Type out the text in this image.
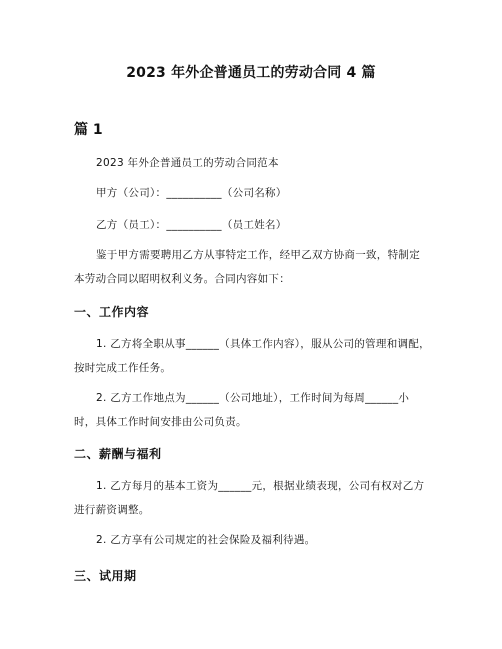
2023 年外企普通员工的劳动合同 4 篇
篇 1

2023 年外企普通员工的劳动合同范本

甲方（公司）：__________（公司名称）

乙方（员工）：__________（员工姓名）

鉴于甲方需要聘用乙方从事特定工作，经甲乙双方协商一致，特制定本劳动合同以昭明权利义务。合同内容如下：

一、工作内容

1. 乙方将全职从事______（具体工作内容），服从公司的管理和调配，按时完成工作任务。

2. 乙方工作地点为______（公司地址），工作时间为每周______小时，具体工作时间安排由公司负责。

二、薪酬与福利

1. 乙方每月的基本工资为______元，根据业绩表现，公司有权对乙方进行薪资调整。

2. 乙方享有公司规定的社会保险及福利待遇。

三、试用期
